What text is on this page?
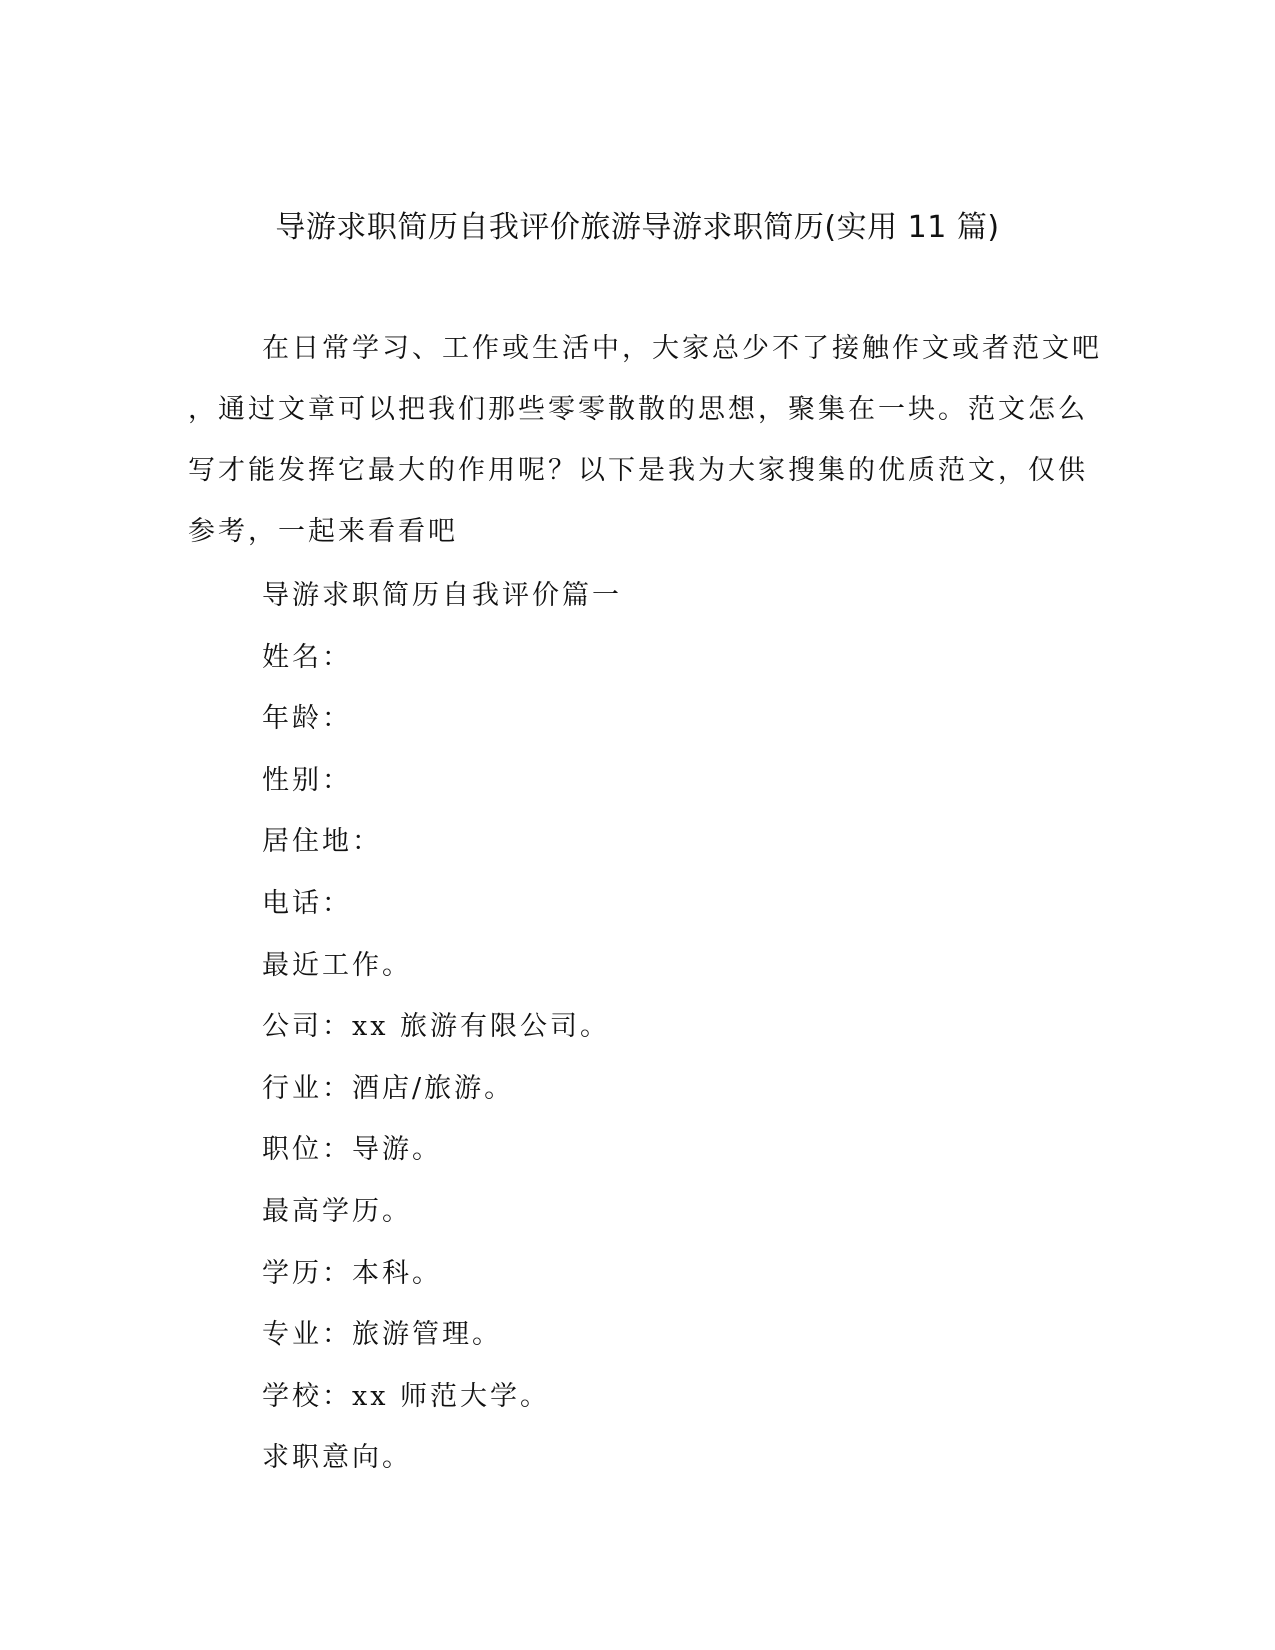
导游求职简历自我评价旅游导游求职简历(实用 11 篇)
在日常学习、工作或生活中，大家总少不了接触作文或者范文吧
，通过文章可以把我们那些零零散散的思想，聚集在一块。范文怎么
写才能发挥它最大的作用呢？以下是我为大家搜集的优质范文，仅供
参考，一起来看看吧
导游求职简历自我评价篇一
姓名：
年龄：
性别：
居住地：
电话：
最近工作。
公司：xx 旅游有限公司。
行业：酒店/旅游。
职位：导游。
最高学历。
学历：本科。
专业：旅游管理。
学校：xx 师范大学。
求职意向。
